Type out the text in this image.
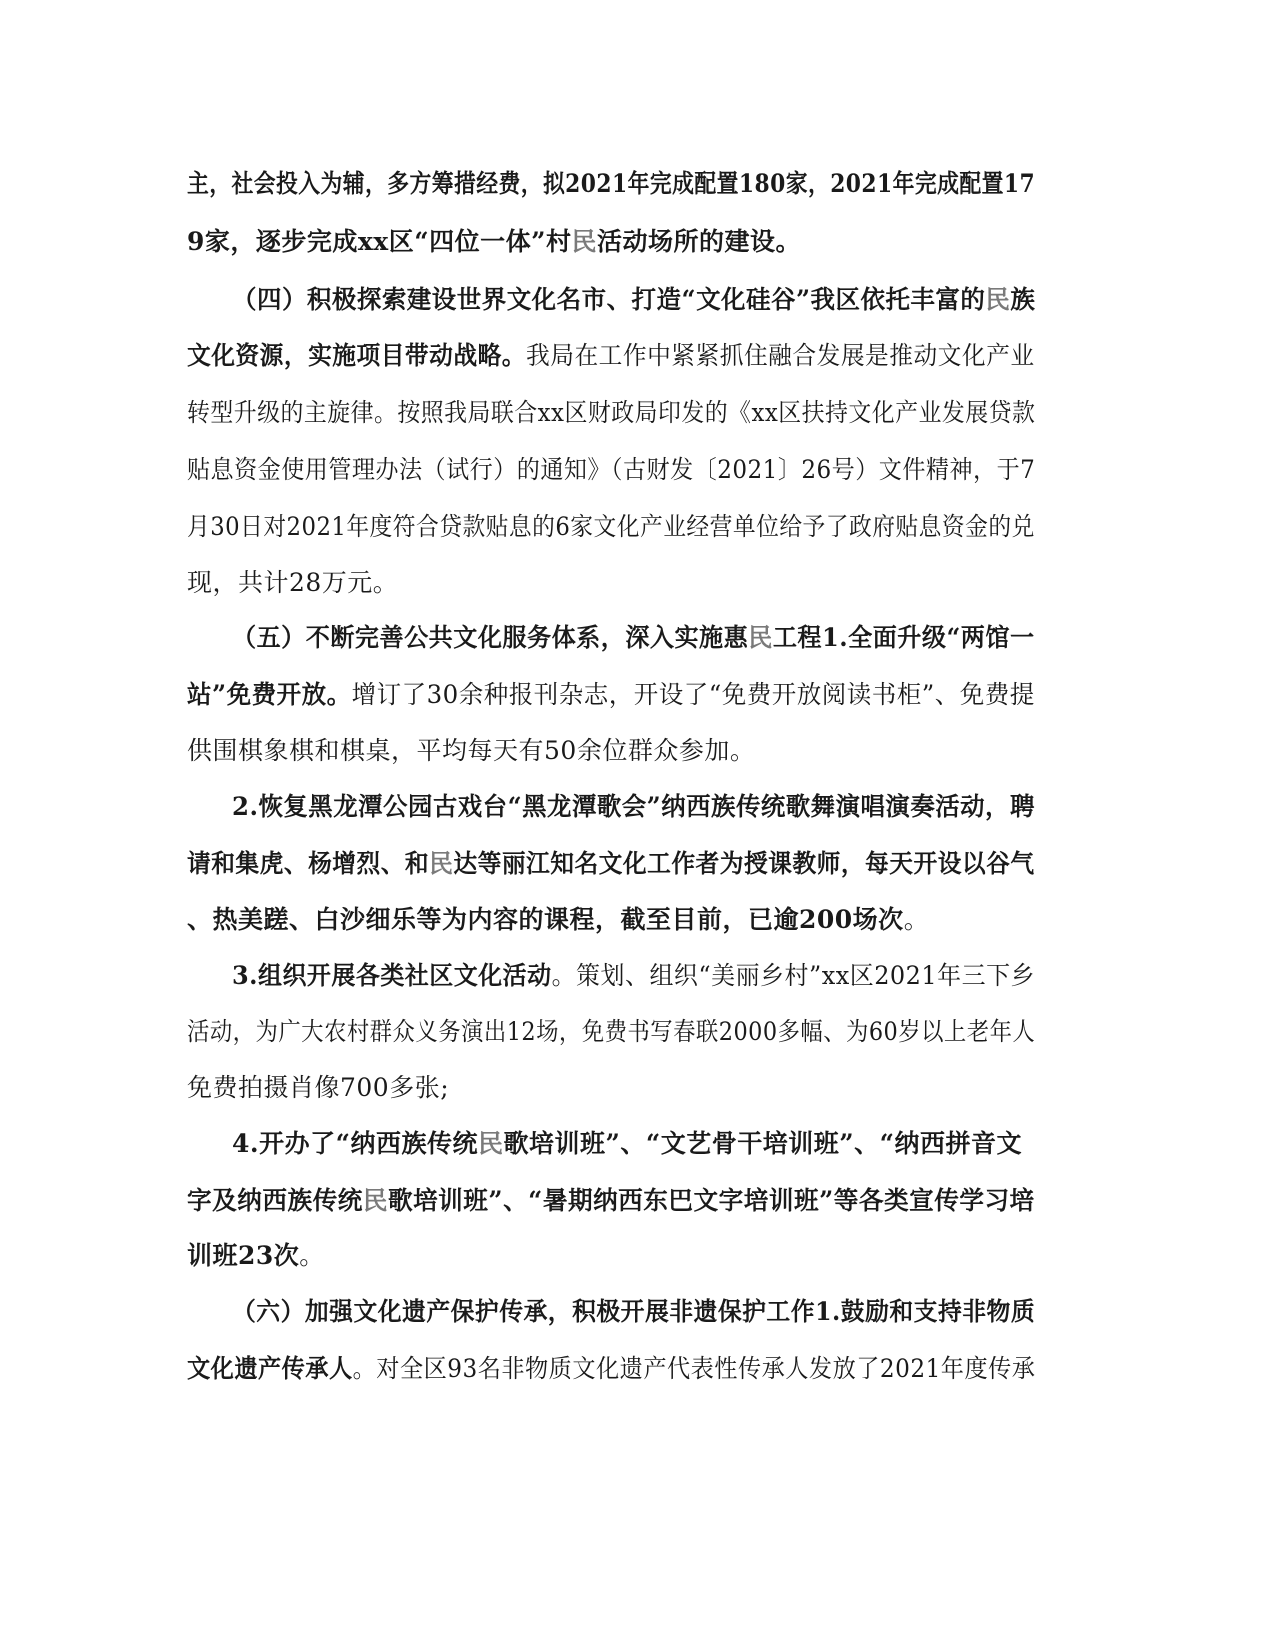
主，社会投入为辅，多方筹措经费，拟2021年完成配置180家，2021年完成配置17
9家，逐步完成xx区“四位一体”村民活动场所的建设。
（四）积极探索建设世界文化名市、打造“文化硅谷”我区依托丰富的民族
文化资源，实施项目带动战略。我局在工作中紧紧抓住融合发展是推动文化产业
转型升级的主旋律。按照我局联合xx区财政局印发的《xx区扶持文化产业发展贷款
贴息资金使用管理办法（试行）的通知》（古财发〔2021〕26号）文件精神，于7
月30日对2021年度符合贷款贴息的6家文化产业经营单位给予了政府贴息资金的兑
现，共计28万元。
（五）不断完善公共文化服务体系，深入实施惠民工程1.全面升级“两馆一
站”免费开放。增订了30余种报刊杂志，开设了“免费开放阅读书柜”、免费提
供围棋象棋和棋桌，平均每天有50余位群众参加。
2.恢复黑龙潭公园古戏台“黑龙潭歌会”纳西族传统歌舞演唱演奏活动，聘
请和集虎、杨增烈、和民达等丽江知名文化工作者为授课教师，每天开设以谷气
、热美蹉、白沙细乐等为内容的课程，截至目前，已逾200场次。
3.组织开展各类社区文化活动。策划、组织“美丽乡村”xx区2021年三下乡
活动，为广大农村群众义务演出12场，免费书写春联2000多幅、为60岁以上老年人
免费拍摄肖像700多张;
4.开办了“纳西族传统民歌培训班”、“文艺骨干培训班”、“纳西拼音文
字及纳西族传统民歌培训班”、“暑期纳西东巴文字培训班”等各类宣传学习培
训班23次。
（六）加强文化遗产保护传承，积极开展非遗保护工作1.鼓励和支持非物质
文化遗产传承人。对全区93名非物质文化遗产代表性传承人发放了2021年度传承
